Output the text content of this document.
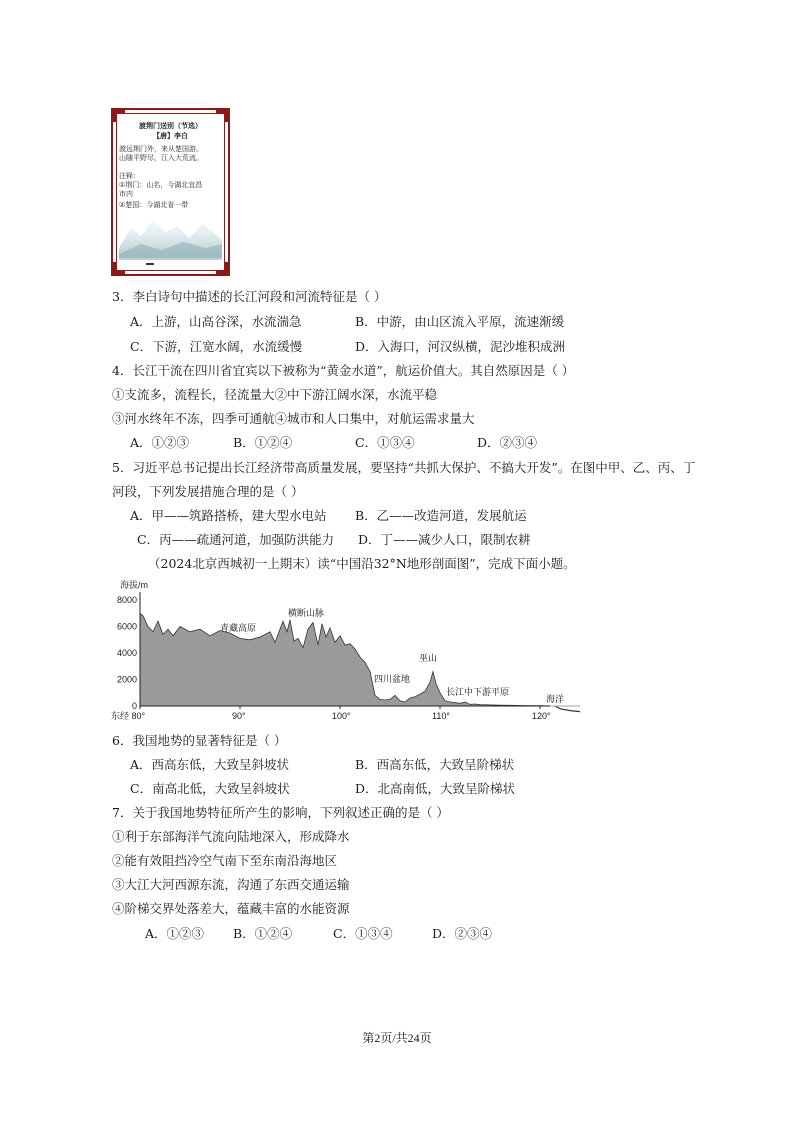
渡荆门送别（节选）
【唐】李白
渡远荆门外，来从楚国游。
山随平野尽，江入大荒流。
注释：
①荆门：山名，今湖北宜昌
市内
②楚国：今湖北省一带
3．李白诗句中描述的长江河段和河流特征是（ ）
A．上游，山高谷深，水流湍急	B．中游，由山区流入平原，流速渐缓
C．下游，江宽水阔，水流缓慢	D．入海口，河汉纵横，泥沙堆积成洲
4．长江干流在四川省宜宾以下被称为“黄金水道”，航运价值大。其自然原因是（ ）
①支流多，流程长，径流量大②中下游江阔水深，水流平稳
③河水终年不冻，四季可通航④城市和人口集中，对航运需求量大
A．①②③	B．①②④	C．①③④	D．②③④
5．习近平总书记提出长江经济带高质量发展，要坚持“共抓大保护、不搞大开发”。在图中甲、乙、丙、丁
河段，下列发展措施合理的是（ ）
A．甲——筑路搭桥，建大型水电站 B．乙——改造河道，发展航运
C．丙——疏通河道，加强防洪能力 D．丁——减少人口，限制农耕
（2024北京西城初一上期末）读“中国沿32°N地形剖面图”，完成下面小题。
0
2000
4000
6000
8000
东经 80°	90°	100°	110°	120°
海拔/m
青藏高原
横断山脉
四川盆地
巫山
长江中下游平原
海洋
6．我国地势的显著特征是（ ）
A．西高东低，大致呈斜坡状	B．西高东低，大致呈阶梯状
C．南高北低，大致呈斜坡状	D．北高南低，大致呈阶梯状
7．关于我国地势特征所产生的影响，下列叙述正确的是（ ）
①利于东部海洋气流向陆地深入，形成降水
②能有效阻挡冷空气南下至东南沿海地区
③大江大河西源东流，沟通了东西交通运输
④阶梯交界处落差大，蕴藏丰富的水能资源
A．①②③ B．①②④	C．①③④	D．②③④
第2页/共24页
